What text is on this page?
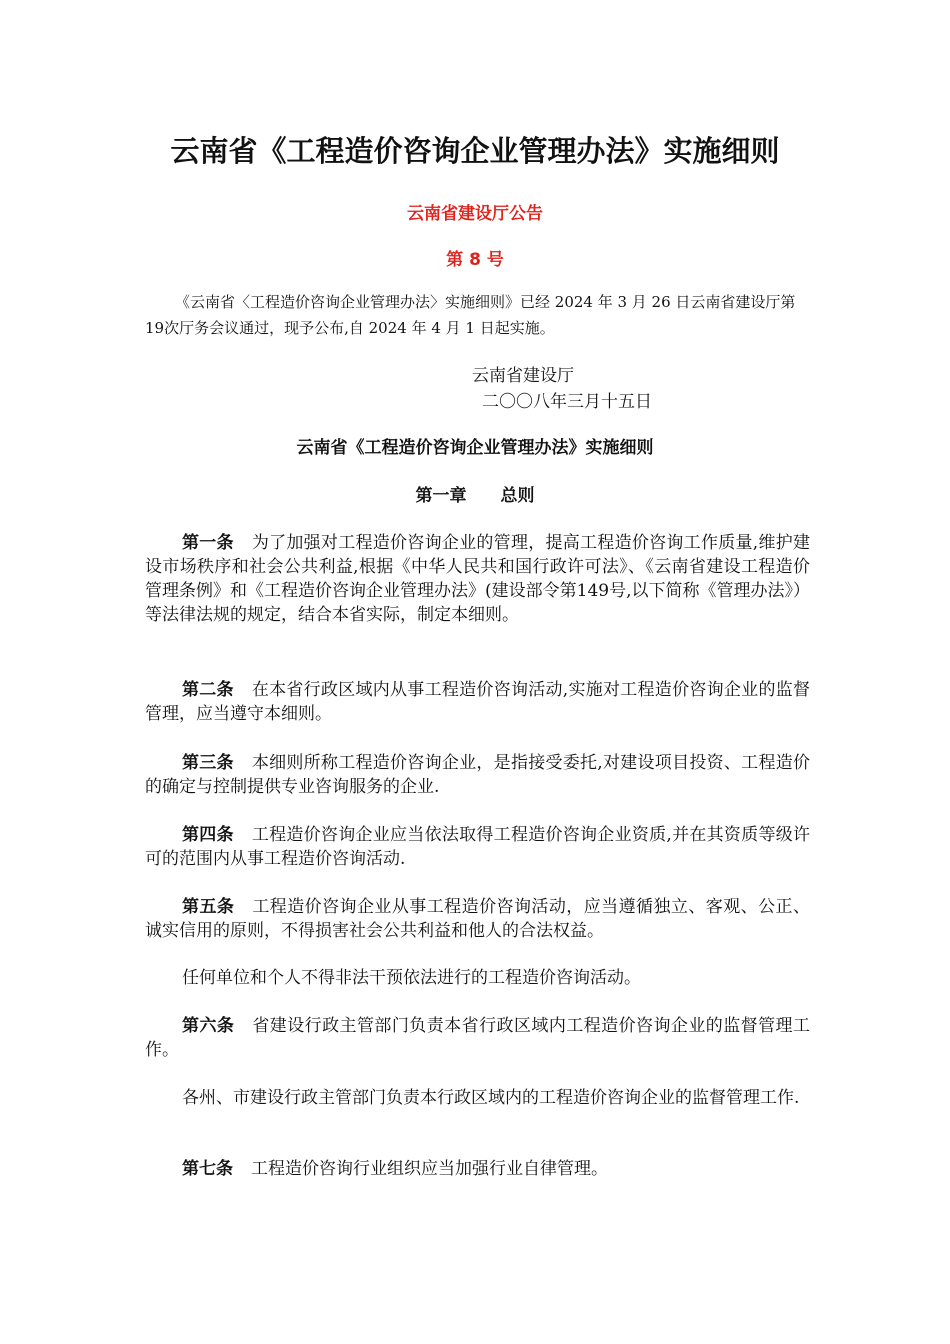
云南省《工程造价咨询企业管理办法》实施细则
云南省建设厅公告
第 8 号

《云南省〈工程造价咨询企业管理办法〉实施细则》已经 2024 年 3 月 26 日云南省建设厅第19次厅务会议通过，现予公布,自 2024 年 4 月 1 日起实施。

云南省建设厅
二〇〇八年三月十五日
云南省《工程造价咨询企业管理办法》实施细则
第一章 总则

第一条 为了加强对工程造价咨询企业的管理，提高工程造价咨询工作质量,维护建设市场秩序和社会公共利益,根据《中华人民共和国行政许可法》、《云南省建设工程造价管理条例》和《工程造价咨询企业管理办法》(建设部令第149号,以下简称《管理办法》）等法律法规的规定，结合本省实际，制定本细则。

第二条 在本省行政区域内从事工程造价咨询活动,实施对工程造价咨询企业的监督管理，应当遵守本细则。

第三条 本细则所称工程造价咨询企业，是指接受委托,对建设项目投资、工程造价的确定与控制提供专业咨询服务的企业.

第四条 工程造价咨询企业应当依法取得工程造价咨询企业资质,并在其资质等级许可的范围内从事工程造价咨询活动.

第五条 工程造价咨询企业从事工程造价咨询活动，应当遵循独立、客观、公正、诚实信用的原则，不得损害社会公共利益和他人的合法权益。

任何单位和个人不得非法干预依法进行的工程造价咨询活动。

第六条 省建设行政主管部门负责本省行政区域内工程造价咨询企业的监督管理工作。

各州、市建设行政主管部门负责本行政区域内的工程造价咨询企业的监督管理工作.

第七条 工程造价咨询行业组织应当加强行业自律管理。
